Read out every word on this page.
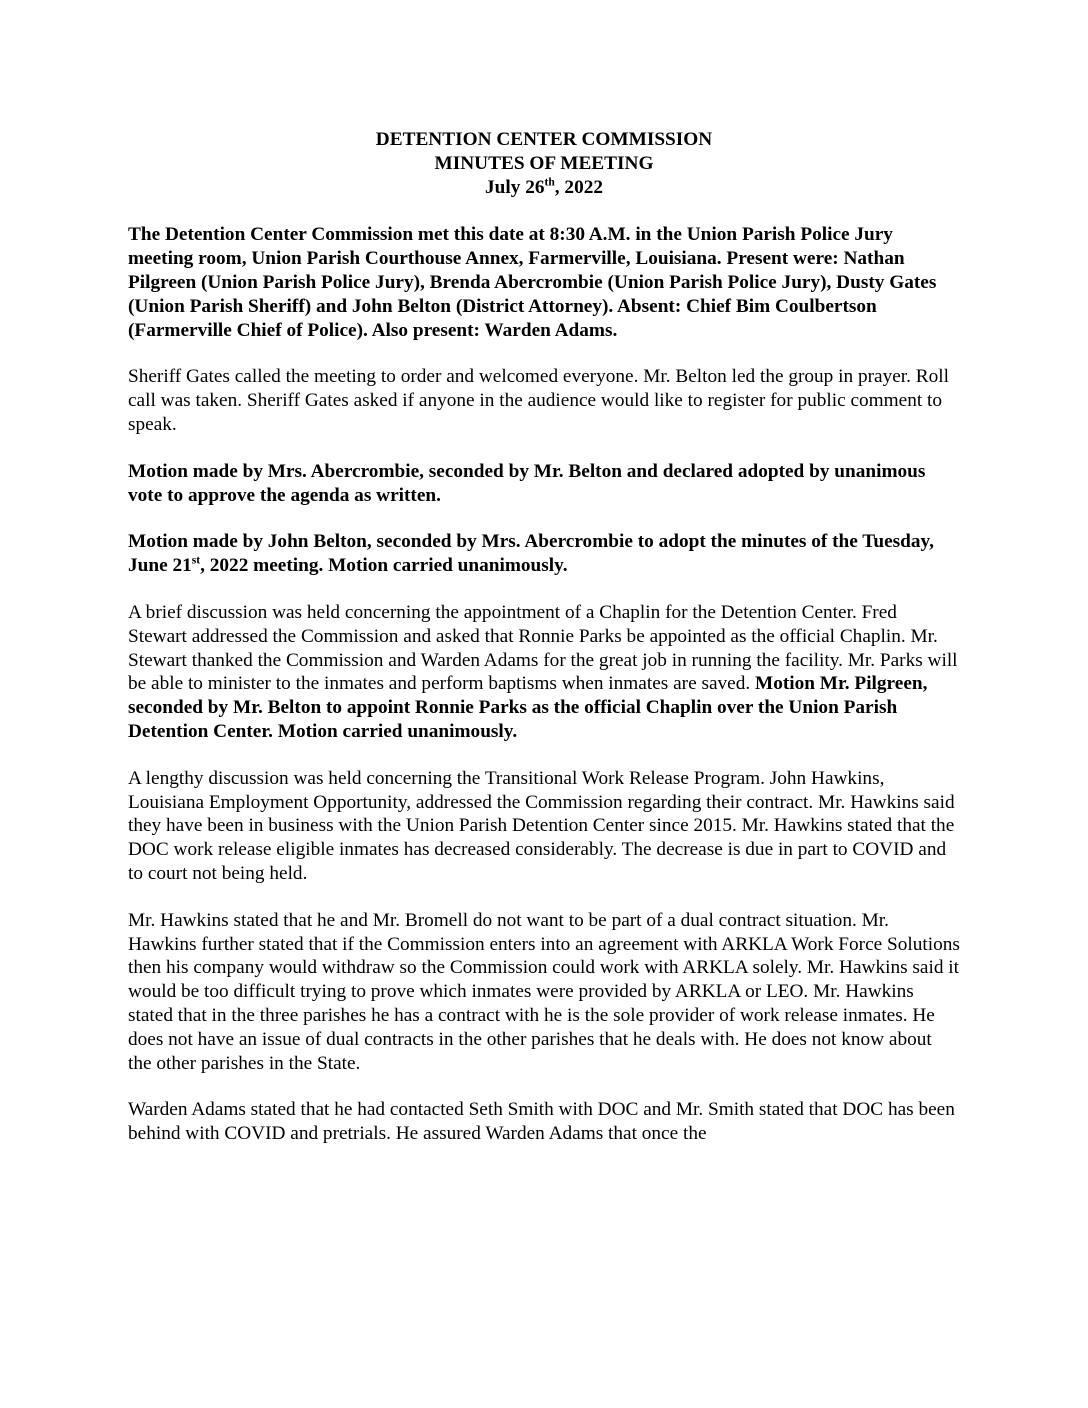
DETENTION CENTER COMMISSION
MINUTES OF MEETING
July 26th, 2022

The Detention Center Commission met this date at 8:30 A.M. in the Union Parish Police Jury meeting room, Union Parish Courthouse Annex, Farmerville, Louisiana. Present were: Nathan Pilgreen (Union Parish Police Jury), Brenda Abercrombie (Union Parish Police Jury), Dusty Gates (Union Parish Sheriff) and John Belton (District Attorney). Absent: Chief Bim Coulbertson (Farmerville Chief of Police). Also present: Warden Adams.

Sheriff Gates called the meeting to order and welcomed everyone. Mr. Belton led the group in prayer. Roll call was taken. Sheriff Gates asked if anyone in the audience would like to register for public comment to speak.

Motion made by Mrs. Abercrombie, seconded by Mr. Belton and declared adopted by unanimous vote to approve the agenda as written.

Motion made by John Belton, seconded by Mrs. Abercrombie to adopt the minutes of the Tuesday, June 21st, 2022 meeting. Motion carried unanimously.

A brief discussion was held concerning the appointment of a Chaplin for the Detention Center. Fred Stewart addressed the Commission and asked that Ronnie Parks be appointed as the official Chaplin. Mr. Stewart thanked the Commission and Warden Adams for the great job in running the facility. Mr. Parks will be able to minister to the inmates and perform baptisms when inmates are saved. Motion Mr. Pilgreen, seconded by Mr. Belton to appoint Ronnie Parks as the official Chaplin over the Union Parish Detention Center. Motion carried unanimously.

A lengthy discussion was held concerning the Transitional Work Release Program. John Hawkins, Louisiana Employment Opportunity, addressed the Commission regarding their contract. Mr. Hawkins said they have been in business with the Union Parish Detention Center since 2015. Mr. Hawkins stated that the DOC work release eligible inmates has decreased considerably. The decrease is due in part to COVID and to court not being held.

Mr. Hawkins stated that he and Mr. Bromell do not want to be part of a dual contract situation. Mr. Hawkins further stated that if the Commission enters into an agreement with ARKLA Work Force Solutions then his company would withdraw so the Commission could work with ARKLA solely. Mr. Hawkins said it would be too difficult trying to prove which inmates were provided by ARKLA or LEO. Mr. Hawkins stated that in the three parishes he has a contract with he is the sole provider of work release inmates. He does not have an issue of dual contracts in the other parishes that he deals with. He does not know about the other parishes in the State.

Warden Adams stated that he had contacted Seth Smith with DOC and Mr. Smith stated that DOC has been behind with COVID and pretrials. He assured Warden Adams that once the
